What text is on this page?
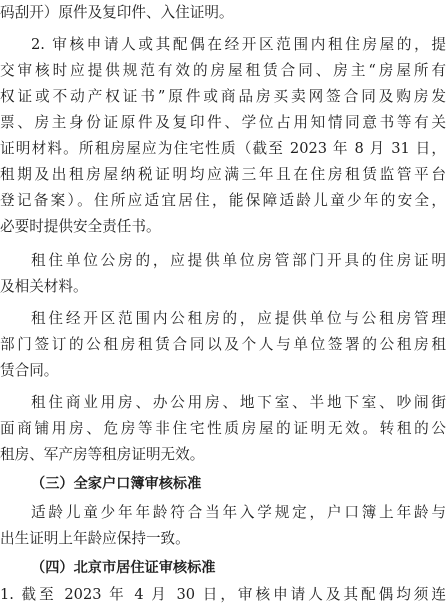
码刮开）原件及复印件、入住证明。
2. 审核申请人或其配偶在经开区范围内租住房屋的，提
交审核时应提供规范有效的房屋租赁合同、房主“房屋所有
权证或不动产权证书”原件或商品房买卖网签合同及购房发
票、房主身份证原件及复印件、学位占用知情同意书等有关
证明材料。所租房屋应为住宅性质（截至 2023 年 8 月 31 日，
租期及出租房屋纳税证明均应满三年且在住房租赁监管平台
登记备案）。住所应适宜居住，能保障适龄儿童少年的安全，
必要时提供安全责任书。
租住单位公房的，应提供单位房管部门开具的住房证明
及相关材料。
租住经开区范围内公租房的，应提供单位与公租房管理
部门签订的公租房租赁合同以及个人与单位签署的公租房租
赁合同。
租住商业用房、办公用房、地下室、半地下室、吵闹街
面商铺用房、危房等非住宅性质房屋的证明无效。转租的公
租房、军产房等租房证明无效。
（三）全家户口簿审核标准
适龄儿童少年年龄符合当年入学规定，户口簿上年龄与
出生证明上年龄应保持一致。
（四）北京市居住证审核标准
1. 截至 2023 年 4 月 30 日，审核申请人及其配偶均须连
